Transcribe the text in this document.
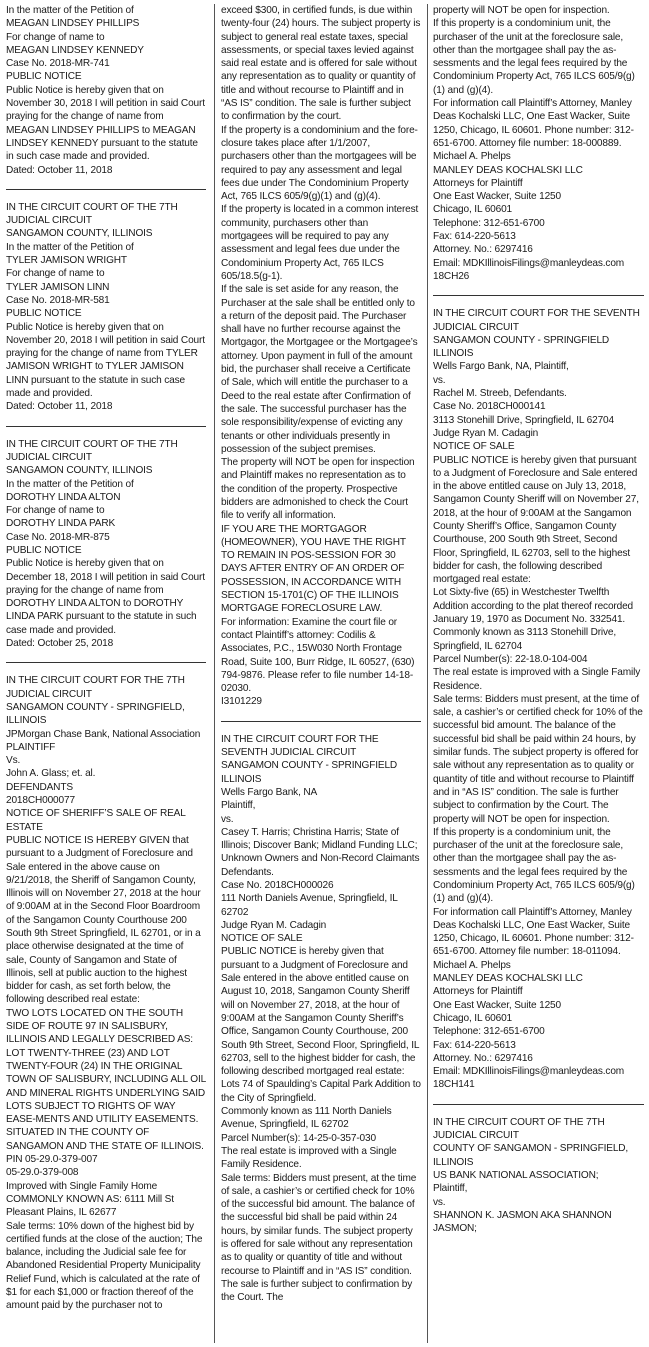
In the matter of the Petition of

MEAGAN LINDSEY PHILLIPS

For change of name to

MEAGAN LINDSEY KENNEDY

Case No. 2018-MR-741

PUBLIC NOTICE

Public Notice is hereby given that on November 30, 2018 I will petition in said Court praying for the change of name from MEAGAN LINDSEY PHILLIPS to MEAGAN LINDSEY KENNEDY pursuant to the statute in such case made and provided.

Dated: October 11, 2018

IN THE CIRCUIT COURT OF THE 7TH JUDICIAL CIRCUIT

SANGAMON COUNTY, ILLINOIS

In the matter of the Petition of

TYLER JAMISON WRIGHT

For change of name to

TYLER JAMISON LINN

Case No. 2018-MR-581

PUBLIC NOTICE

Public Notice is hereby given that on November 20, 2018 I will petition in said Court praying for the change of name from TYLER JAMISON WRIGHT to TYLER JAMISON LINN pursuant to the statute in such case made and provided.

Dated: October 11, 2018

IN THE CIRCUIT COURT OF THE 7TH JUDICIAL CIRCUIT

SANGAMON COUNTY, ILLINOIS

In the matter of the Petition of

DOROTHY LINDA ALTON

For change of name to

DOROTHY LINDA PARK

Case No. 2018-MR-875

PUBLIC NOTICE

Public Notice is hereby given that on December 18, 2018 I will petition in said Court praying for the change of name from DOROTHY LINDA ALTON to DOROTHY LINDA PARK pursuant to the statute in such case made and provided.

Dated: October 25, 2018

IN THE CIRCUIT COURT FOR THE 7TH JUDICIAL CIRCUIT

SANGAMON COUNTY - SPRINGFIELD, ILLINOIS

JPMorgan Chase Bank, National Association

PLAINTIFF

Vs.

John A. Glass; et. al.

DEFENDANTS

2018CH000077

NOTICE OF SHERIFF’S SALE OF REAL ESTATE

PUBLIC NOTICE IS HEREBY GIVEN that pursuant to a Judgment of Foreclosure and Sale entered in the above cause on 9/21/2018, the Sheriff of Sangamon County, Illinois will on November 27, 2018 at the hour of 9:00AM at in the Second Floor Boardroom of the Sangamon County Courthouse 200 South 9th Street Springfield, IL 62701, or in a place otherwise designated at the time of sale, County of Sangamon and State of Illinois, sell at public auction to the highest bidder for cash, as set forth below, the following described real estate:

TWO LOTS LOCATED ON THE SOUTH SIDE OF ROUTE 97 IN SALISBURY, ILLINOIS AND LEGALLY DESCRIBED AS: LOT TWENTY-THREE (23) AND LOT TWENTY-FOUR (24) IN THE ORIGINAL TOWN OF SALISBURY, INCLUDING ALL OIL AND MINERAL RIGHTS UNDERLYING SAID LOTS SUBJECT TO RIGHTS OF WAY EASE-MENTS AND UTILITY EASEMENTS. SITUATED IN THE COUNTY OF SANGAMON AND THE STATE OF ILLINOIS.

PIN 05-29.0-379-007

05-29.0-379-008

Improved with Single Family Home

COMMONLY KNOWN AS: 6111 Mill St

Pleasant Plains, IL 62677

Sale terms: 10% down of the highest bid by certified funds at the close of the auction; The balance, including the Judicial sale fee for Abandoned Residential Property Municipality Relief Fund, which is calculated at the rate of $1 for each $1,000 or fraction thereof of the amount paid by the purchaser not to

exceed $300, in certified funds, is due within twenty-four (24) hours. The subject property is subject to general real estate taxes, special assessments, or special taxes levied against said real estate and is offered for sale without any representation as to quality or quantity of title and without recourse to Plaintiff and in “AS IS” condition. The sale is further subject to confirmation by the court.

If the property is a condominium and the fore-closure takes place after 1/1/2007, purchasers other than the mortgagees will be required to pay any assessment and legal fees due under The Condominium Property Act, 765 ILCS 605/9(g)(1) and (g)(4).

If the property is located in a common interest community, purchasers other than mortgagees will be required to pay any assessment and legal fees due under the Condominium Property Act, 765 ILCS 605/18.5(g-1).

If the sale is set aside for any reason, the Purchaser at the sale shall be entitled only to a return of the deposit paid. The Purchaser shall have no further recourse against the Mortgagor, the Mortgagee or the Mortgagee’s attorney. Upon payment in full of the amount bid, the purchaser shall receive a Certificate of Sale, which will entitle the purchaser to a Deed to the real estate after Confirmation of the sale. The successful purchaser has the sole responsibility/expense of evicting any tenants or other individuals presently in possession of the subject premises.

The property will NOT be open for inspection and Plaintiff makes no representation as to the condition of the property. Prospective bidders are admonished to check the Court file to verify all information.

IF YOU ARE THE MORTGAGOR (HOMEOWNER), YOU HAVE THE RIGHT TO REMAIN IN POS-SESSION FOR 30 DAYS AFTER ENTRY OF AN ORDER OF POSSESSION, IN ACCORDANCE WITH SECTION 15-1701(C) OF THE ILLINOIS MORTGAGE FORECLOSURE LAW.

For information: Examine the court file or contact Plaintiff’s attorney: Codilis & Associates, P.C., 15W030 North Frontage Road, Suite 100, Burr Ridge, IL 60527, (630) 794-9876. Please refer to file number 14-18-02030.

I3101229

IN THE CIRCUIT COURT FOR THE SEVENTH JUDICIAL CIRCUIT

SANGAMON COUNTY - SPRINGFIELD ILLINOIS

Wells Fargo Bank, NA

Plaintiff,

vs.

Casey T. Harris; Christina Harris; State of Illinois; Discover Bank; Midland Funding LLC; Unknown Owners and Non-Record Claimants

Defendants.

Case No. 2018CH000026

111 North Daniels Avenue, Springfield, IL 62702

Judge Ryan M. Cadagin

NOTICE OF SALE

PUBLIC NOTICE is hereby given that pursuant to a Judgment of Foreclosure and Sale entered in the above entitled cause on August 10, 2018, Sangamon County Sheriff will on November 27, 2018, at the hour of 9:00AM at the Sangamon County Sheriff’s Office, Sangamon County Courthouse, 200 South 9th Street, Second Floor, Springfield, IL 62703, sell to the highest bidder for cash, the following described mortgaged real estate:

Lots 74 of Spaulding’s Capital Park Addition to the City of Springfield.

Commonly known as 111 North Daniels Avenue, Springfield, IL 62702

Parcel Number(s): 14-25-0-357-030

The real estate is improved with a Single Family Residence.

Sale terms: Bidders must present, at the time of sale, a cashier’s or certified check for 10% of the successful bid amount. The balance of the successful bid shall be paid within 24 hours, by similar funds. The subject property is offered for sale without any representation as to quality or quantity of title and without recourse to Plaintiff and in “AS IS” condition. The sale is further subject to confirmation by the Court. The

property will NOT be open for inspection.

If this property is a condominium unit, the purchaser of the unit at the foreclosure sale, other than the mortgagee shall pay the as-sessments and the legal fees required by the Condominium Property Act, 765 ILCS 605/9(g)(1) and (g)(4).

For information call Plaintiff’s Attorney, Manley Deas Kochalski LLC, One East Wacker, Suite 1250, Chicago, IL 60601. Phone number: 312-651-6700. Attorney file number: 18-000889.

Michael A. Phelps

MANLEY DEAS KOCHALSKI LLC

Attorneys for Plaintiff

One East Wacker, Suite 1250

Chicago, IL 60601

Telephone: 312-651-6700

Fax: 614-220-5613

Attorney. No.: 6297416

Email: MDKIllinoisFilings@manleydeas.com

18CH26

IN THE CIRCUIT COURT FOR THE SEVENTH JUDICIAL CIRCUIT

SANGAMON COUNTY - SPRINGFIELD ILLINOIS

Wells Fargo Bank, NA, Plaintiff,

vs.

Rachel M. Streeb, Defendants.

Case No. 2018CH000141

3113 Stonehill Drive, Springfield, IL 62704

Judge Ryan M. Cadagin

NOTICE OF SALE

PUBLIC NOTICE is hereby given that pursuant to a Judgment of Foreclosure and Sale entered in the above entitled cause on July 13, 2018, Sangamon County Sheriff will on November 27, 2018, at the hour of 9:00AM at the Sangamon County Sheriff’s Office, Sangamon County Courthouse, 200 South 9th Street, Second Floor, Springfield, IL 62703, sell to the highest bidder for cash, the following described mortgaged real estate:

Lot Sixty-five (65) in Westchester Twelfth Addition according to the plat thereof recorded January 19, 1970 as Document No. 332541. Commonly known as 3113 Stonehill Drive, Springfield, IL 62704

Parcel Number(s): 22-18.0-104-004

The real estate is improved with a Single Family Residence.

Sale terms: Bidders must present, at the time of sale, a cashier’s or certified check for 10% of the successful bid amount. The balance of the successful bid shall be paid within 24 hours, by similar funds. The subject property is offered for sale without any representation as to quality or quantity of title and without recourse to Plaintiff and in “AS IS” condition. The sale is further subject to confirmation by the Court. The property will NOT be open for inspection.

If this property is a condominium unit, the purchaser of the unit at the foreclosure sale, other than the mortgagee shall pay the as-sessments and the legal fees required by the Condominium Property Act, 765 ILCS 605/9(g)(1) and (g)(4).

For information call Plaintiff’s Attorney, Manley Deas Kochalski LLC, One East Wacker, Suite 1250, Chicago, IL 60601. Phone number: 312-651-6700. Attorney file number: 18-011094.

Michael A. Phelps

MANLEY DEAS KOCHALSKI LLC

Attorneys for Plaintiff

One East Wacker, Suite 1250

Chicago, IL 60601

Telephone: 312-651-6700

Fax: 614-220-5613

Attorney. No.: 6297416

Email: MDKIllinoisFilings@manleydeas.com

18CH141

IN THE CIRCUIT COURT OF THE 7TH JUDICIAL CIRCUIT

COUNTY OF SANGAMON - SPRINGFIELD, ILLINOIS

US BANK NATIONAL ASSOCIATION;

Plaintiff,

vs.

SHANNON K. JASMON AKA SHANNON JASMON;
